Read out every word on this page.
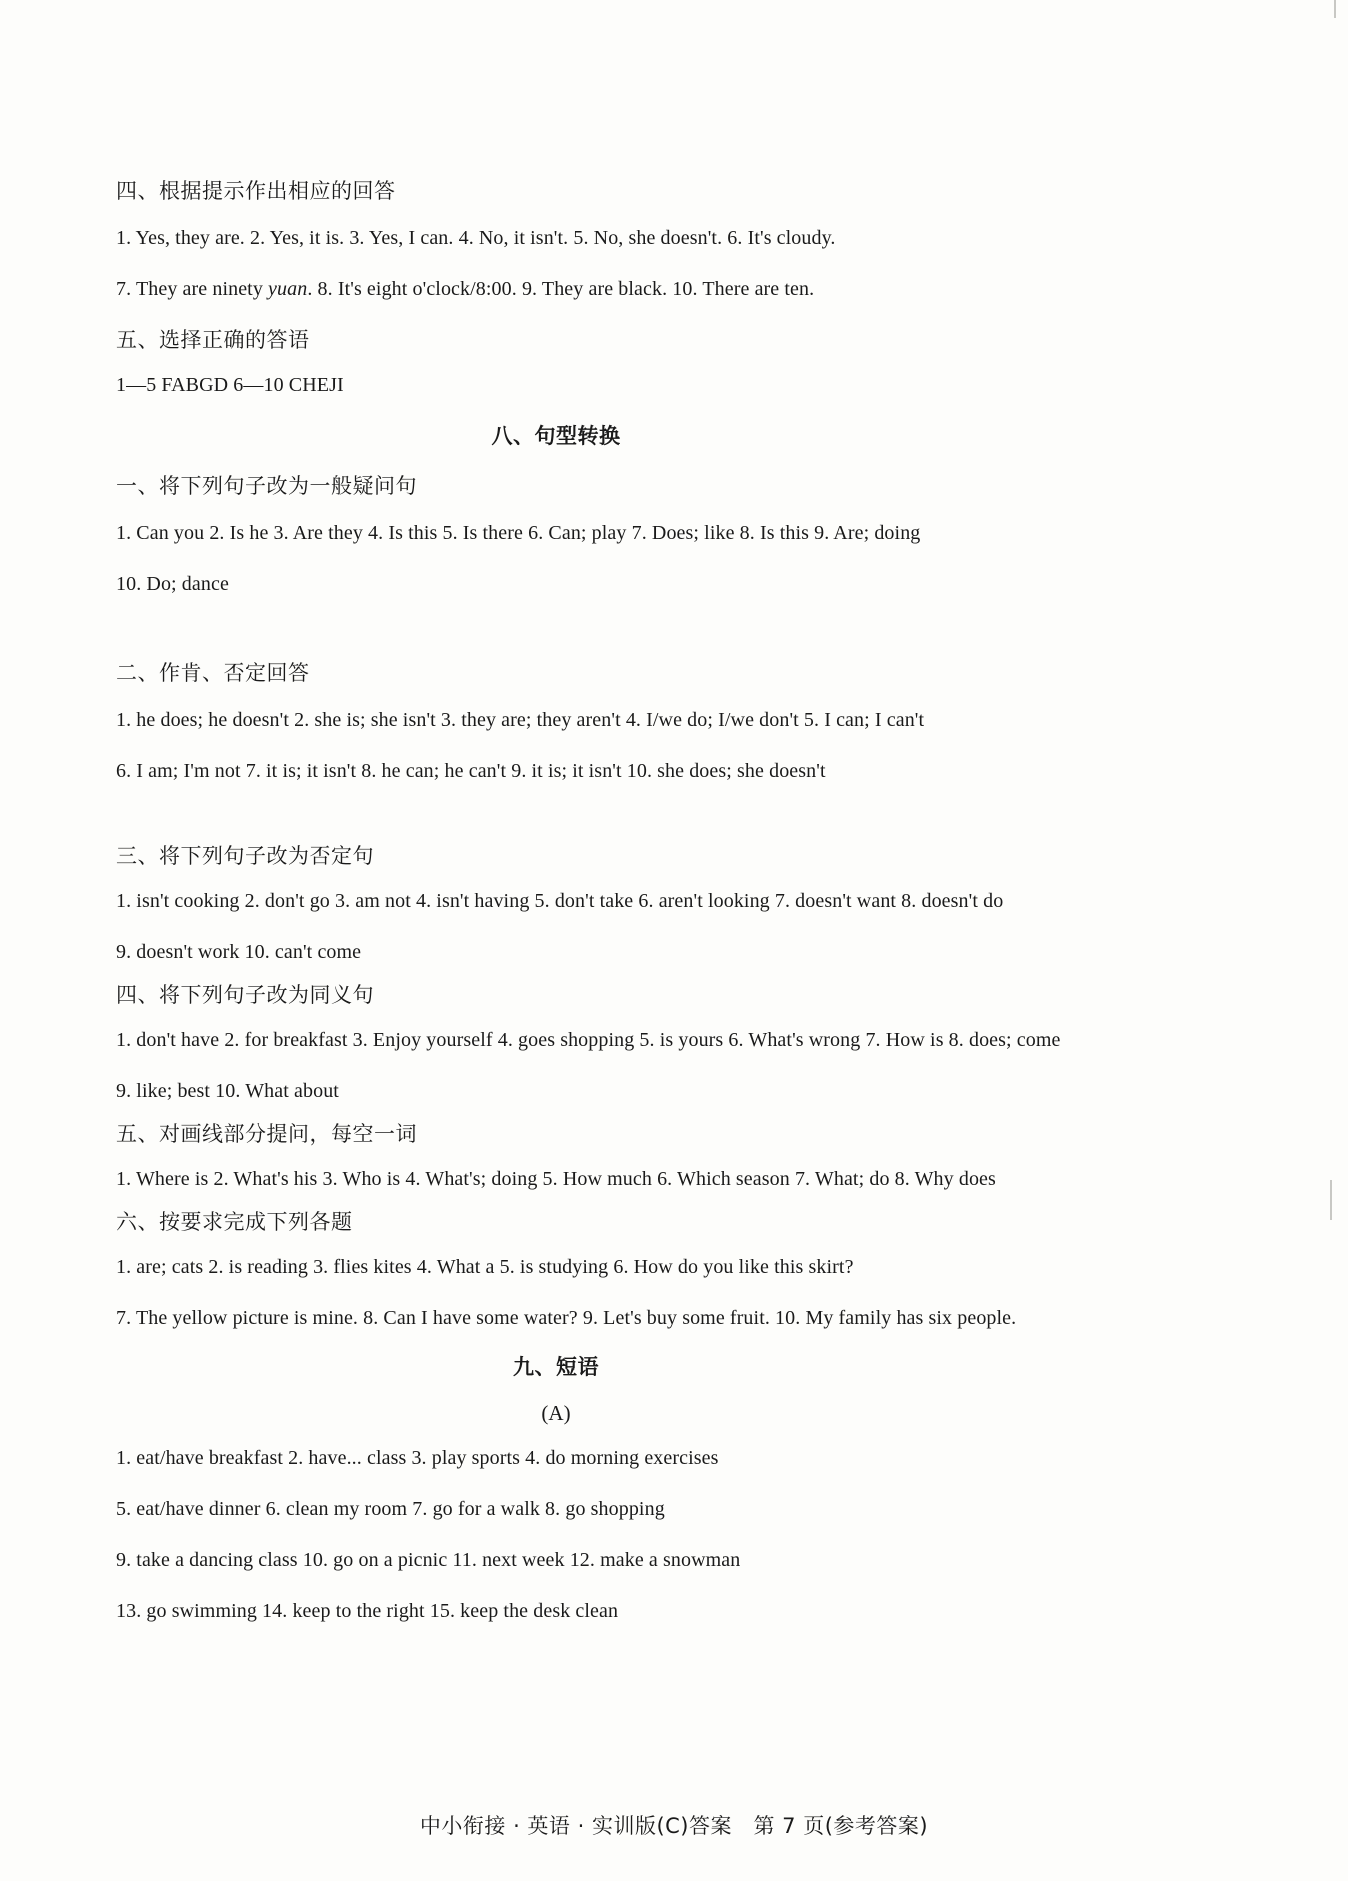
四、根据提示作出相应的回答
1. Yes, they are. 2. Yes, it is. 3. Yes, I can. 4. No, it isn't. 5. No, she doesn't. 6. It's cloudy.
7. They are ninety yuan. 8. It's eight o'clock/8:00. 9. They are black. 10. There are ten.
五、选择正确的答语
1—5 FABGD 6—10 CHEJI
八、句型转换
一、将下列句子改为一般疑问句
1. Can you 2. Is he 3. Are they 4. Is this 5. Is there 6. Can; play 7. Does; like 8. Is this 9. Are; doing
10. Do; dance
二、作肯、否定回答
1. he does; he doesn't 2. she is; she isn't 3. they are; they aren't 4. I/we do; I/we don't 5. I can; I can't
6. I am; I'm not 7. it is; it isn't 8. he can; he can't 9. it is; it isn't 10. she does; she doesn't
三、将下列句子改为否定句
1. isn't cooking 2. don't go 3. am not 4. isn't having 5. don't take 6. aren't looking 7. doesn't want 8. doesn't do
9. doesn't work 10. can't come
四、将下列句子改为同义句
1. don't have 2. for breakfast 3. Enjoy yourself 4. goes shopping 5. is yours 6. What's wrong 7. How is 8. does; come
9. like; best 10. What about
五、对画线部分提问，每空一词
1. Where is 2. What's his 3. Who is 4. What's; doing 5. How much 6. Which season 7. What; do 8. Why does
六、按要求完成下列各题
1. are; cats 2. is reading 3. flies kites 4. What a 5. is studying 6. How do you like this skirt?
7. The yellow picture is mine. 8. Can I have some water? 9. Let's buy some fruit. 10. My family has six people.
九、短语
(A)
1. eat/have breakfast 2. have... class 3. play sports 4. do morning exercises
5. eat/have dinner 6. clean my room 7. go for a walk 8. go shopping
9. take a dancing class 10. go on a picnic 11. next week 12. make a snowman
13. go swimming 14. keep to the right 15. keep the desk clean
中小衔接 · 英语 · 实训版(C)答案　第 7 页(参考答案)
